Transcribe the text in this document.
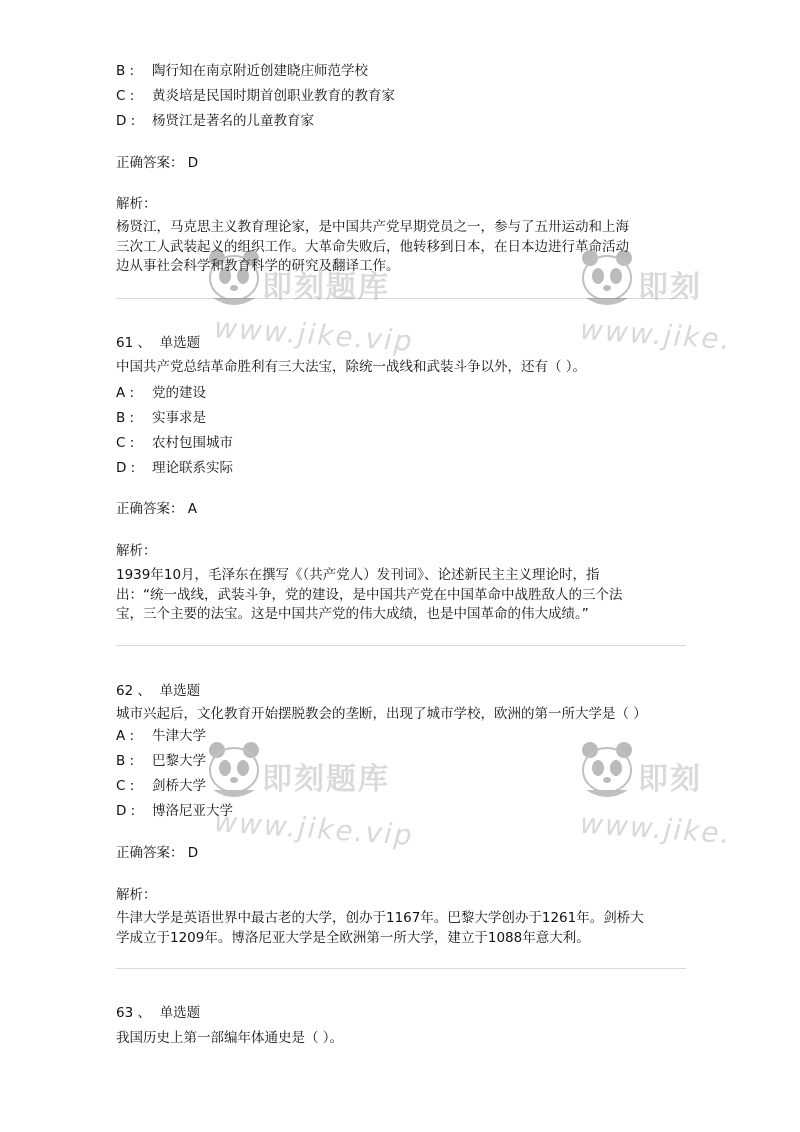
B : 陶行知在南京附近创建晓庄师范学校
C : 黄炎培是民国时期首创职业教育的教育家
D : 杨贤江是著名的儿童教育家
正确答案： D
解析：
杨贤江，马克思主义教育理论家，是中国共产党早期党员之一，参与了五卅运动和上海
三次工人武装起义的组织工作。大革命失败后，他转移到日本，在日本边进行革命活动
边从事社会科学和教育科学的研究及翻译工作。
61 、 单选题
中国共产党总结革命胜利有三大法宝，除统一战线和武装斗争以外，还有（ ）。
A : 党的建设
B : 实事求是
C : 农村包围城市
D : 理论联系实际
正确答案： A
解析：
1939年10月，毛泽东在撰写《（共产党人）发刊词》、论述新民主主义理论时，指
出：“统一战线，武装斗争，党的建设，是中国共产党在中国革命中战胜敌人的三个法
宝，三个主要的法宝。这是中国共产党的伟大成绩，也是中国革命的伟大成绩。”
62 、 单选题
城市兴起后，文化教育开始摆脱教会的垄断，出现了城市学校，欧洲的第一所大学是（ ）
A : 牛津大学
B : 巴黎大学
C : 剑桥大学
D : 博洛尼亚大学
正确答案： D
解析：
牛津大学是英语世界中最古老的大学，创办于1167年。巴黎大学创办于1261年。剑桥大
学成立于1209年。博洛尼亚大学是全欧洲第一所大学，建立于1088年意大利。
63 、 单选题
我国历史上第一部编年体通史是（ ）。
即刻题库
www.jike.vip
即刻
www.jike.
即刻题库
www.jike.vip
即刻
www.jike.
